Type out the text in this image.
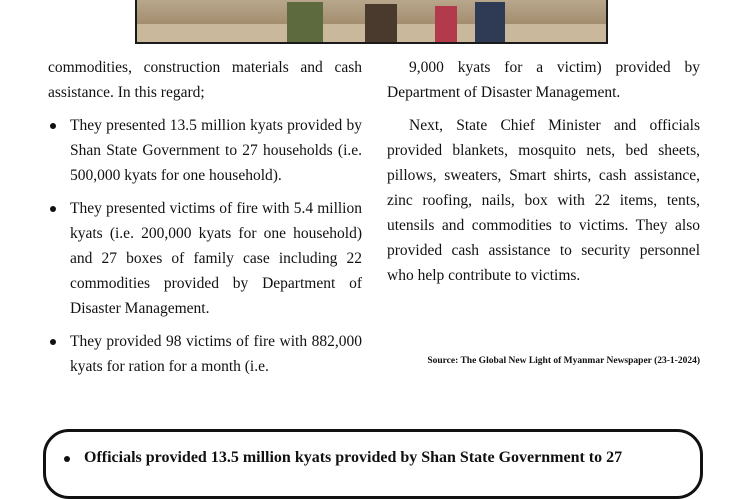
commodities, construction materials and cash assistance. In this regard;

They presented 13.5 million kyats provided by Shan State Government to 27 households (i.e. 500,000 kyats for one household).
They presented victims of fire with 5.4 million kyats (i.e. 200,000 kyats for one household) and 27 boxes of family case including 22 commodities provided by Department of Disaster Management.
They provided 98 victims of fire with 882,000 kyats for ration for a month (i.e.

9,000 kyats for a victim) provided by Department of Disaster Management.

Next, State Chief Minister and officials provided blankets, mosquito nets, bed sheets, pillows, sweaters, Smart shirts, cash assistance, zinc roofing, nails, box with 22 items, tents, utensils and commodities to victims. They also provided cash assistance to security personnel who help contribute to victims.

Source: The Global New Light of Myanmar Newspaper (23-1-2024)
Officials provided 13.5 million kyats provided by Shan State Government to 27
